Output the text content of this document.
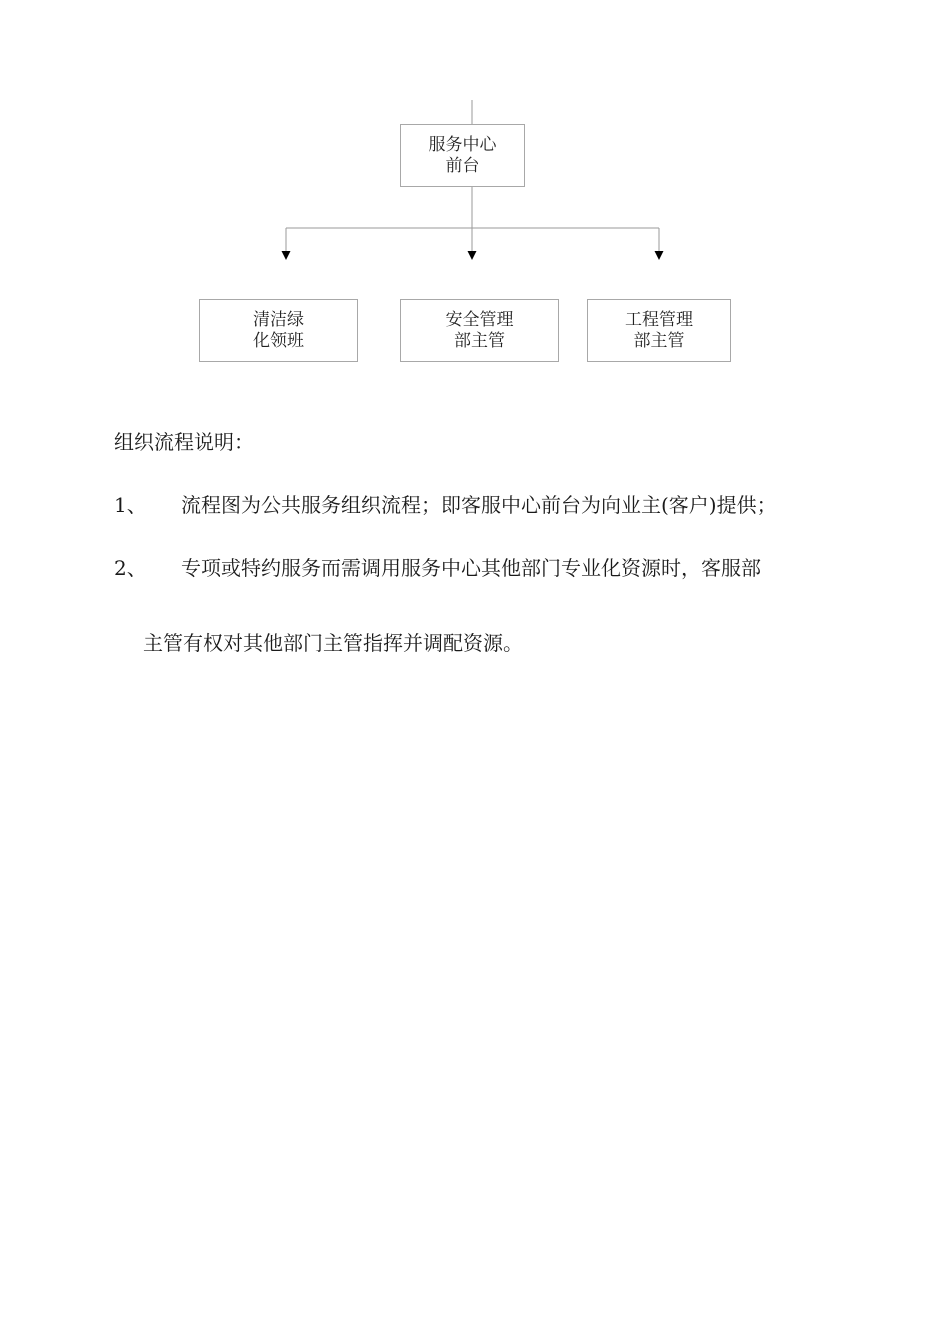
服务中心
前台
清洁绿
化领班
安全管理
部主管
工程管理
部主管
组织流程说明：
1、 流程图为公共服务组织流程；即客服中心前台为向业主(客户)提供；
2、 专项或特约服务而需调用服务中心其他部门专业化资源时，客服部
主管有权对其他部门主管指挥并调配资源。
